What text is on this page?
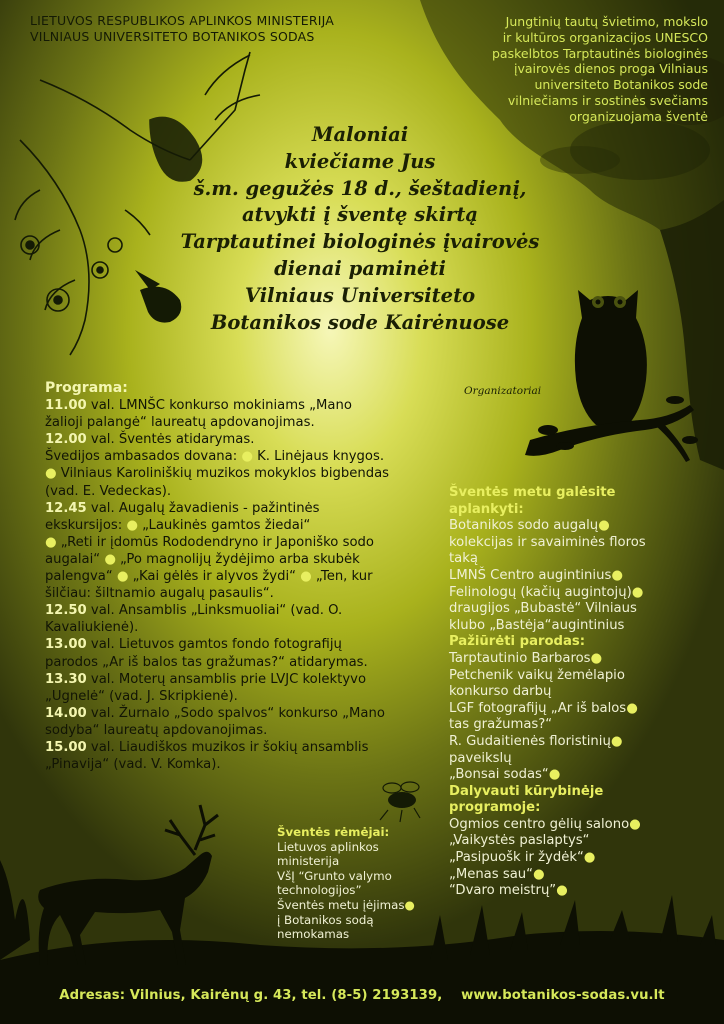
LIETUVOS RESPUBLIKOS APLINKOS MINISTERIJA
VILNIAUS UNIVERSITETO BOTANIKOS SODAS
Jungtinių tautų švietimo, mokslo
ir kultūros organizacijos UNESCO
paskelbtos Tarptautinės biologinės
įvairovės dienos proga Vilniaus
universiteto Botanikos sode
vilniečiams ir sostinės svečiams
organizuojama šventė
Maloniai
kviečiame Jus
š.m. gegužės 18 d., šeštadienį,
atvykti į šventę skirtą
Tarptautinei biologinės įvairovės
dienai paminėti
Vilniaus Universiteto
Botanikos sode Kairėnuose
Organizatoriai
Programa:
11.00 val. LMNŠC konkurso mokiniams „Mano
žalioji palangė“ laureatų apdovanojimas.
12.00 val. Šventės atidarymas.
Švedijos ambasados dovana: ● K. Linėjaus knygos.
● Vilniaus Karoliniškių muzikos mokyklos bigbendas
(vad. E. Vedeckas).
12.45 val. Augalų žavadienis - pažintinės
ekskursijos: ● „Laukinės gamtos žiedai“
● „Reti ir įdomūs Rododendryno ir Japoniško sodo
augalai“ ● „Po magnolijų žydėjimo arba skubėk
palengva“ ● „Kai gėlės ir alyvos žydi“ ● „Ten, kur
šilčiau: šiltnamio augalų pasaulis“.
12.50 val. Ansamblis „Linksmuoliai“ (vad. O.
Kavaliukienė).
13.00 val. Lietuvos gamtos fondo fotografijų
parodos „Ar iš balos tas gražumas?“ atidarymas.
13.30 val. Moterų ansamblis prie LVJC kolektyvo
„Ugnelė“ (vad. J. Skripkienė).
14.00 val. Žurnalo „Sodo spalvos“ konkurso „Mano
sodyba“ laureatų apdovanojimas.
15.00 val. Liaudiškos muzikos ir šokių ansamblis
„Pinavija“ (vad. V. Komka).
Šventės metu galėsite
aplankyti:
Botanikos sodo augalų●
kolekcijas ir savaiminės floros
taką
LMNŠ Centro augintinius●
Felinologų (kačių augintojų)●
draugijos „Bubastė“ Vilniaus
klubo „Bastėja“augintinius
Pažiūrėti parodas:
Tarptautinio Barbaros●
Petchenik vaikų žemėlapio
konkurso darbų
LGF fotografijų „Ar iš balos●
tas gražumas?“
R. Gudaitienės floristinių●
paveikslų
„Bonsai sodas“●
Dalyvauti kūrybinėje
programoje:
Ogmios centro gėlių salono●
„Vaikystės paslaptys“
„Pasipuošk ir žydėk“●
„Menas sau“●
“Dvaro meistrų”●
Šventės rėmėjai:
Lietuvos aplinkos
ministerija
VšĮ “Grunto valymo
technologijos”
Šventės metu įėjimas●
į Botanikos sodą
nemokamas
Adresas: Vilnius, Kairėnų g. 43, tel. (8-5) 2193139, www.botanikos-sodas.vu.lt
